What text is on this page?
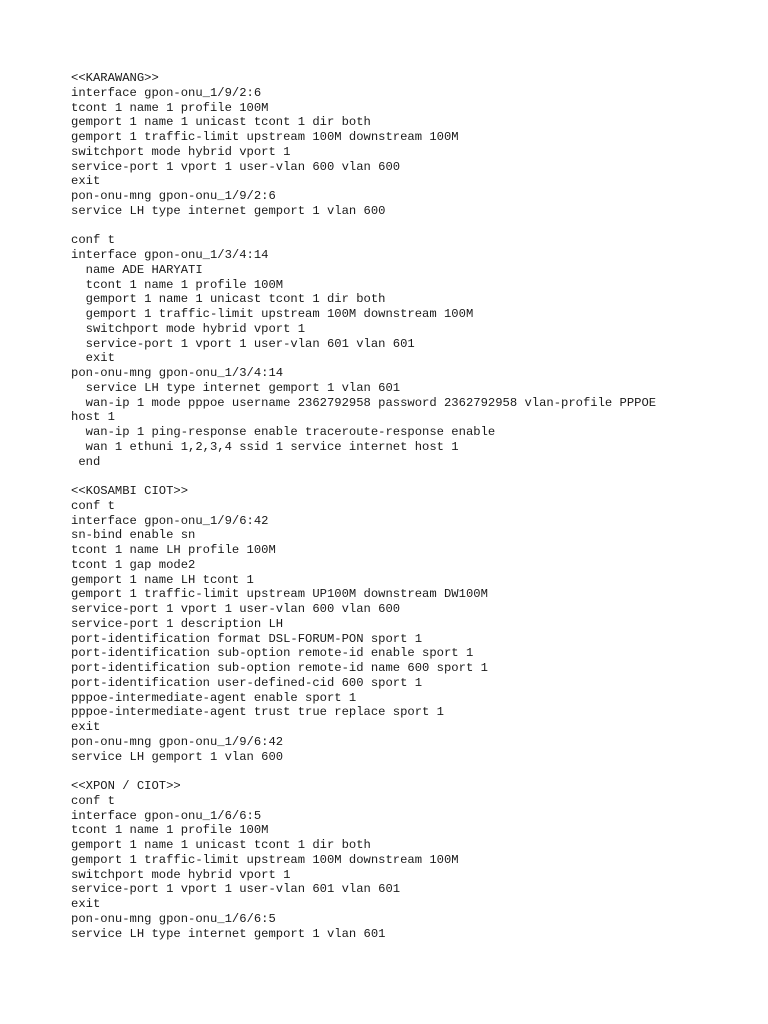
<<KARAWANG>>
interface gpon-onu_1/9/2:6
tcont 1 name 1 profile 100M
gemport 1 name 1 unicast tcont 1 dir both
gemport 1 traffic-limit upstream 100M downstream 100M
switchport mode hybrid vport 1
service-port 1 vport 1 user-vlan 600 vlan 600
exit
pon-onu-mng gpon-onu_1/9/2:6
service LH type internet gemport 1 vlan 600
conf t
interface gpon-onu_1/3/4:14
name ADE HARYATI
tcont 1 name 1 profile 100M
gemport 1 name 1 unicast tcont 1 dir both
gemport 1 traffic-limit upstream 100M downstream 100M
switchport mode hybrid vport 1
service-port 1 vport 1 user-vlan 601 vlan 601
exit
pon-onu-mng gpon-onu_1/3/4:14
service LH type internet gemport 1 vlan 601
wan-ip 1 mode pppoe username 2362792958 password 2362792958 vlan-profile PPPOE
host 1
wan-ip 1 ping-response enable traceroute-response enable
wan 1 ethuni 1,2,3,4 ssid 1 service internet host 1
end
<<KOSAMBI CIOT>>
conf t
interface gpon-onu_1/9/6:42
sn-bind enable sn
tcont 1 name LH profile 100M
tcont 1 gap mode2
gemport 1 name LH tcont 1
gemport 1 traffic-limit upstream UP100M downstream DW100M
service-port 1 vport 1 user-vlan 600 vlan 600
service-port 1 description LH
port-identification format DSL-FORUM-PON sport 1
port-identification sub-option remote-id enable sport 1
port-identification sub-option remote-id name 600 sport 1
port-identification user-defined-cid 600 sport 1
pppoe-intermediate-agent enable sport 1
pppoe-intermediate-agent trust true replace sport 1
exit
pon-onu-mng gpon-onu_1/9/6:42
service LH gemport 1 vlan 600
<<XPON / CIOT>>
conf t
interface gpon-onu_1/6/6:5
tcont 1 name 1 profile 100M
gemport 1 name 1 unicast tcont 1 dir both
gemport 1 traffic-limit upstream 100M downstream 100M
switchport mode hybrid vport 1
service-port 1 vport 1 user-vlan 601 vlan 601
exit
pon-onu-mng gpon-onu_1/6/6:5
service LH type internet gemport 1 vlan 601
